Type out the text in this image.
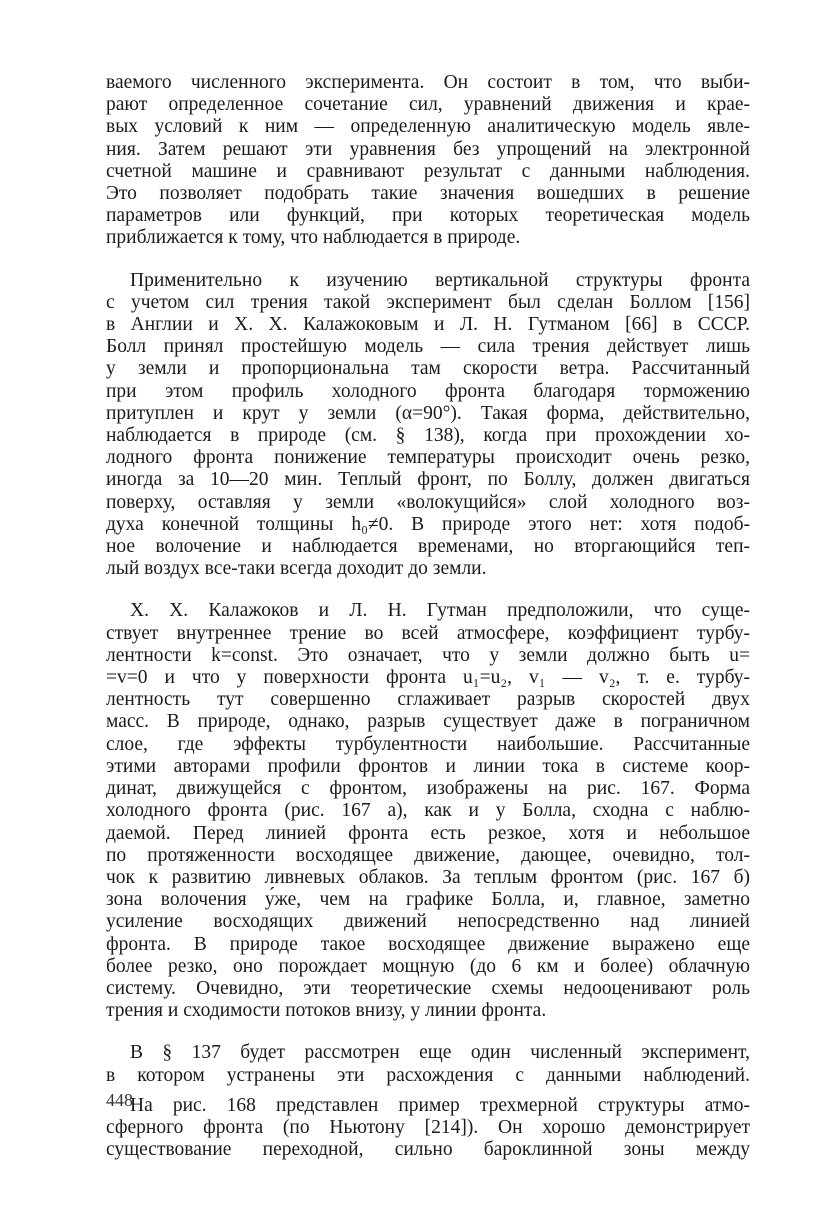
ваемого численного эксперимента. Он состоит в том, что выби-
рают определенное сочетание сил, уравнений движения и крае-
вых условий к ним — определенную аналитическую модель явле-
ния. Затем решают эти уравнения без упрощений на электронной
счетной машине и сравнивают результат с данными наблюдения.
Это позволяет подобрать такие значения вошедших в решение
параметров или функций, при которых теоретическая модель
приближается к тому, что наблюдается в природе.
Применительно к изучению вертикальной структуры фронта
с учетом сил трения такой эксперимент был сделан Боллом [156]
в Англии и Х. Х. Калажоковым и Л. Н. Гутманом [66] в СССР.
Болл принял простейшую модель — сила трения действует лишь
у земли и пропорциональна там скорости ветра. Рассчитанный
при этом профиль холодного фронта благодаря торможению
притуплен и крут у земли (α=90°). Такая форма, действительно,
наблюдается в природе (см. § 138), когда при прохождении хо-
лодного фронта понижение температуры происходит очень резко,
иногда за 10—20 мин. Теплый фронт, по Боллу, должен двигаться
поверху, оставляя у земли «волокущийся» слой холодного воз-
духа конечной толщины h₀≠0. В природе этого нет: хотя подоб-
ное волочение и наблюдается временами, но вторгающийся теп-
лый воздух все-таки всегда доходит до земли.
Х. Х. Калажоков и Л. Н. Гутман предположили, что суще-
ствует внутреннее трение во всей атмосфере, коэффициент турбу-
лентности k=const. Это означает, что у земли должно быть u=
=v=0 и что у поверхности фронта u₁=u₂, v₁ — v₂, т. е. турбу-
лентность тут совершенно сглаживает разрыв скоростей двух
масс. В природе, однако, разрыв существует даже в пограничном
слое, где эффекты турбулентности наибольшие. Рассчитанные
этими авторами профили фронтов и линии тока в системе коор-
динат, движущейся с фронтом, изображены на рис. 167. Форма
холодного фронта (рис. 167 а), как и у Болла, сходна с наблю-
даемой. Перед линией фронта есть резкое, хотя и небольшое
по протяженности восходящее движение, дающее, очевидно, тол-
чок к развитию ливневых облаков. За теплым фронтом (рис. 167 б)
зона волочения у́же, чем на графике Болла, и, главное, заметно
усиление восходящих движений непосредственно над линией
фронта. В природе такое восходящее движение выражено еще
более резко, оно порождает мощную (до 6 км и более) облачную
систему. Очевидно, эти теоретические схемы недооценивают роль
трения и сходимости потоков внизу, у линии фронта.
В § 137 будет рассмотрен еще один численный эксперимент,
в котором устранены эти расхождения с данными наблюдений.
На рис. 168 представлен пример трехмерной структуры атмо-
сферного фронта (по Ньютону [214]). Он хорошо демонстрирует
существование переходной, сильно бароклинной зоны между
448
